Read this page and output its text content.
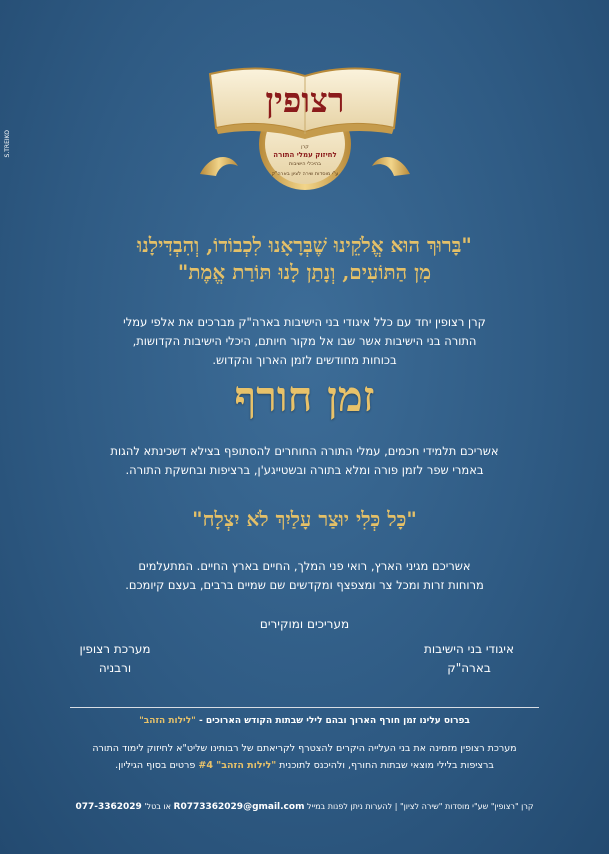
S.TREIKO
רצופין
קרן
לחיזוק עמלי התורה
בהיכלי הישיבות
ע"י מוסדות שירה לציון בארה"ק
"בָּרוּךְ הוּא אֱלֹקֵינוּ שֶׁבְּרָאָנוּ לִכְבוֹדוֹ, וְהִבְדִּילָנוּ
מִן הַתּוֹעִים, וְנָתַן לָנוּ תּוֹרַת אֱמֶת"
קרן רצופין יחד עם כלל איגודי בני הישיבות בארה"ק מברכים את אלפי עמלי
התורה בני הישיבות אשר שבו אל מקור חיותם, היכלי הישיבות הקדושות,
בכוחות מחודשים לזמן הארוך והקדוש.
זמן חורף
אשריכם תלמידי חכמים, עמלי התורה החוחרים להסתופף בצילא דשכינתא להגות
באמרי שפר לזמן פורה ומלא בתורה ובשטייגע'ן, ברציפות ובחשקת התורה.
"כָּל כְּלִי יוּצַר עָלַיִךְ לֹא יִצְלָח"
אשריכם מגיני הארץ, רואי פני המלך, החיים בארץ החיים. המתעלמים
מרוחות זרות ומכל צר ומצפצף ומקדשים שם שמיים ברבים, בעצם קיומכם.
מעריכים ומוקירים
איגודי בני הישיבות
בארה"ק
מערכת רצופין
ורבניה
בפרוס עלינו זמן חורף הארוך ובהם לילי שבתות הקודש הארוכים - "לילות הזהב"
מערכת רצופין מזמינה את בני העלייה היקרים להצטרף לקריאתם של רבותינו שליט"א לחיזוק לימוד התורה
ברציפות בלילי מוצאי שבתות החורף, ולהיכנס לתוכנית "לילות הזהב" #4 פרטים בסוף הגיליון.
קרן "רצופין" שע"י מוסדות "שירה לציון" | להערות ניתן לפנות במייל R0773362029@gmail.com או בטל' 077-3362029
